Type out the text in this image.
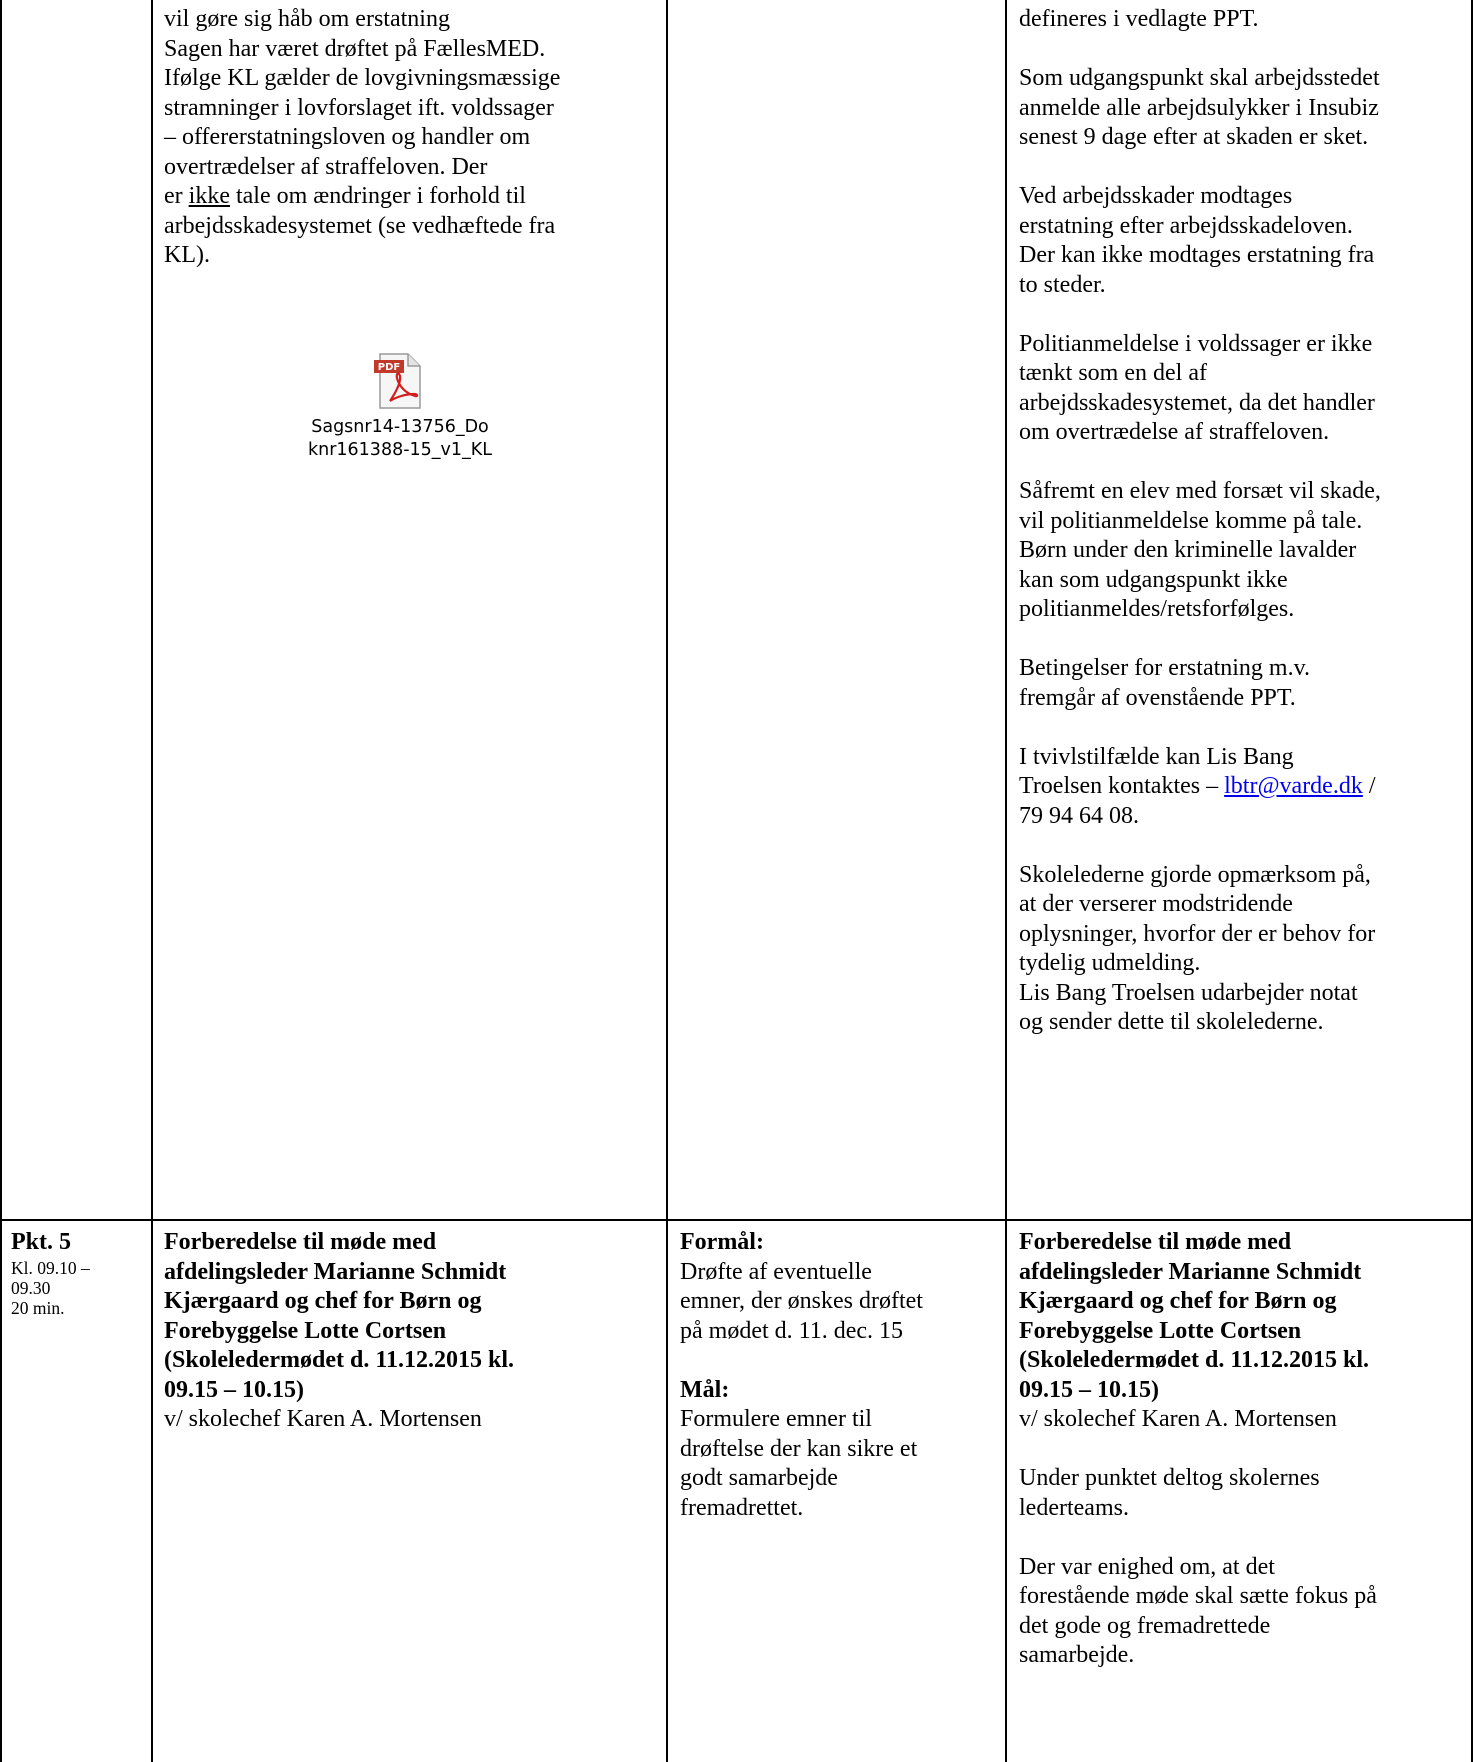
vil gøre sig håb om erstatning
Sagen har været drøftet på FællesMED.
Ifølge KL gælder de lovgivningsmæssige
stramninger i lovforslaget ift. voldssager
– offererstatningsloven og handler om
overtrædelser af straffeloven. Der
er ikke tale om ændringer i forhold til
arbejdsskadesystemet (se vedhæftede fra
KL).
PDF
Sagsnr14-13756_Do
knr161388-15_v1_KL
defineres i vedlagte PPT.
Som udgangspunkt skal arbejdsstedet
anmelde alle arbejdsulykker i Insubiz
senest 9 dage efter at skaden er sket.
Ved arbejdsskader modtages
erstatning efter arbejdsskadeloven.
Der kan ikke modtages erstatning fra
to steder.
Politianmeldelse i voldssager er ikke
tænkt som en del af
arbejdsskadesystemet, da det handler
om overtrædelse af straffeloven.
Såfremt en elev med forsæt vil skade,
vil politianmeldelse komme på tale.
Børn under den kriminelle lavalder
kan som udgangspunkt ikke
politianmeldes/retsforfølges.
Betingelser for erstatning m.v.
fremgår af ovenstående PPT.
I tvivlstilfælde kan Lis Bang
Troelsen kontaktes – lbtr@varde.dk /
79 94 64 08.
Skolelederne gjorde opmærksom på,
at der verserer modstridende
oplysninger, hvorfor der er behov for
tydelig udmelding.
Lis Bang Troelsen udarbejder notat
og sender dette til skolelederne.
Pkt. 5
Kl. 09.10 –
09.30
20 min.
Forberedelse til møde med
afdelingsleder Marianne Schmidt
Kjærgaard og chef for Børn og
Forebyggelse Lotte Cortsen
(Skoleledermødet d. 11.12.2015 kl.
09.15 – 10.15)
v/ skolechef Karen A. Mortensen
Formål:
Drøfte af eventuelle
emner, der ønskes drøftet
på mødet d. 11. dec. 15
Mål:
Formulere emner til
drøftelse der kan sikre et
godt samarbejde
fremadrettet.
Forberedelse til møde med
afdelingsleder Marianne Schmidt
Kjærgaard og chef for Børn og
Forebyggelse Lotte Cortsen
(Skoleledermødet d. 11.12.2015 kl.
09.15 – 10.15)
v/ skolechef Karen A. Mortensen
Under punktet deltog skolernes
lederteams.
Der var enighed om, at det
forestående møde skal sætte fokus på
det gode og fremadrettede
samarbejde.
